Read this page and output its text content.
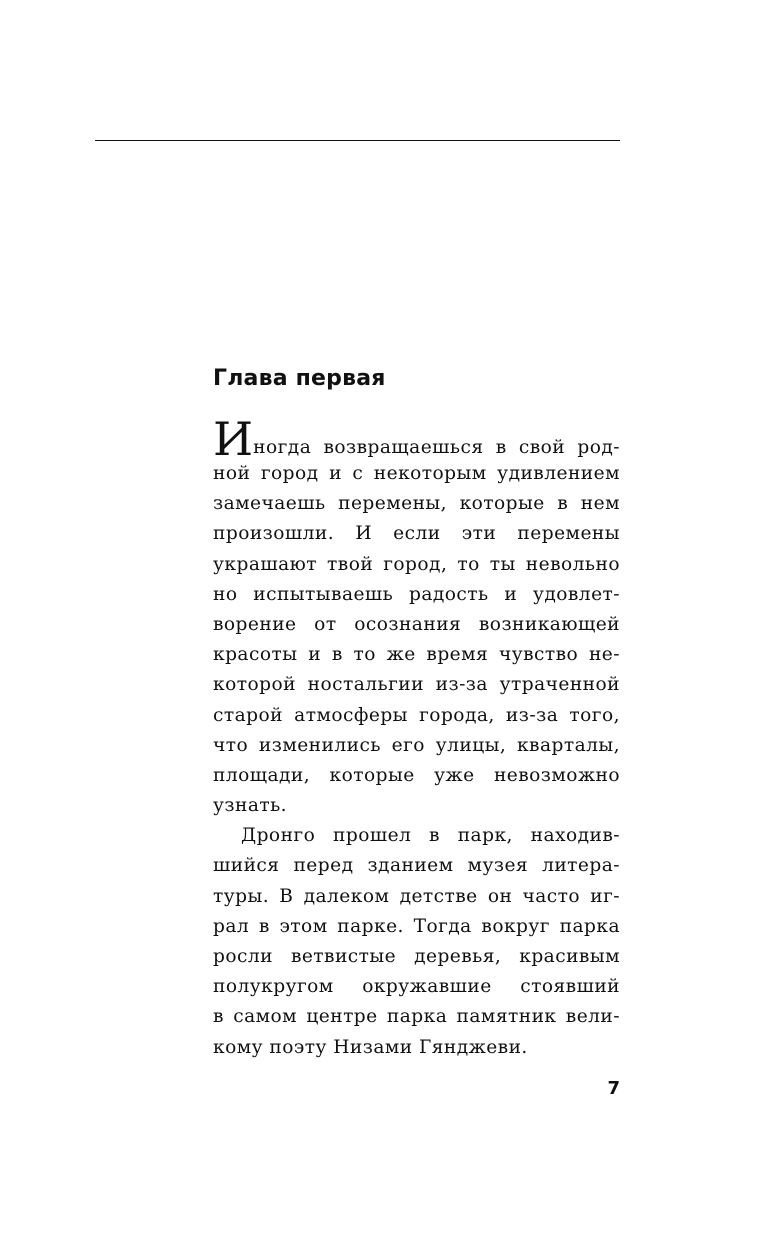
Глава первая
Иногда возвращаешься в свой род-
ной город и с некоторым удивлением
замечаешь перемены, которые в нем
произошли. И если эти перемены
украшают твой город, то ты невольно
но испытываешь радость и удовлет-
ворение от осознания возникающей
красоты и в то же время чувство не-
которой ностальгии из-за утраченной
старой атмосферы города, из-за того,
что изменились его улицы, кварталы,
площади, которые уже невозможно
узнать.
Дронго прошел в парк, находив-
шийся перед зданием музея литера-
туры. В далеком детстве он часто иг-
рал в этом парке. Тогда вокруг парка
росли ветвистые деревья, красивым
полукругом окружавшие стоявший
в самом центре парка памятник вели-
кому поэту Низами Гянджеви.
7
